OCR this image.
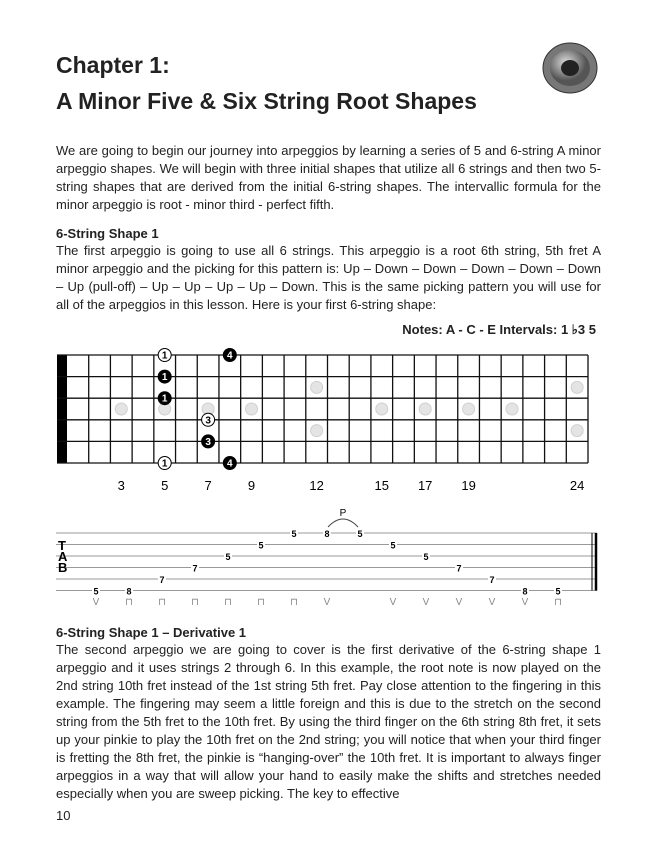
Chapter 1:
A Minor Five & Six String Root Shapes
We are going to begin our journey into arpeggios by learning a series of 5 and 6-string A minor arpeggio shapes. We will begin with three initial shapes that utilize all 6 strings and then two 5-string shapes that are derived from the initial 6-string shapes. The intervallic formula for the minor arpeggio is root - minor third - perfect fifth.
6-String Shape 1
The first arpeggio is going to use all 6 strings. This arpeggio is a root 6th string, 5th fret A minor arpeggio and the picking for this pattern is: Up – Down – Down – Down – Down – Down – Up (pull-off) – Up – Up – Up – Up – Down. This is the same picking pattern you will use for all of the arpeggios in this lesson. Here is your first 6-string shape:
Notes: A - C - E Intervals: 1 ♭3 5
1
1
1
1
3
3
4
4
3	5	7	9	12	15 17 19	24
T
A
B
5
V
8
⊓
7
⊓
7
⊓
5
⊓
5
⊓
5
⊓
8
V
5
5
V
5
V
7
V
7
V
8
V
5
⊓
P
6-String Shape 1 – Derivative 1
The second arpeggio we are going to cover is the first derivative of the 6-string shape 1 arpeggio and it uses strings 2 through 6. In this example, the root note is now played on the 2nd string 10th fret instead of the 1st string 5th fret. Pay close attention to the fingering in this example. The fingering may seem a little foreign and this is due to the stretch on the second string from the 5th fret to the 10th fret. By using the third finger on the 6th string 8th fret, it sets up your pinkie to play the 10th fret on the 2nd string; you will notice that when your third finger is fretting the 8th fret, the pinkie is “hanging-over” the 10th fret. It is important to always finger arpeggios in a way that will allow your hand to easily make the shifts and stretches needed especially when you are sweep picking. The key to effective
10
